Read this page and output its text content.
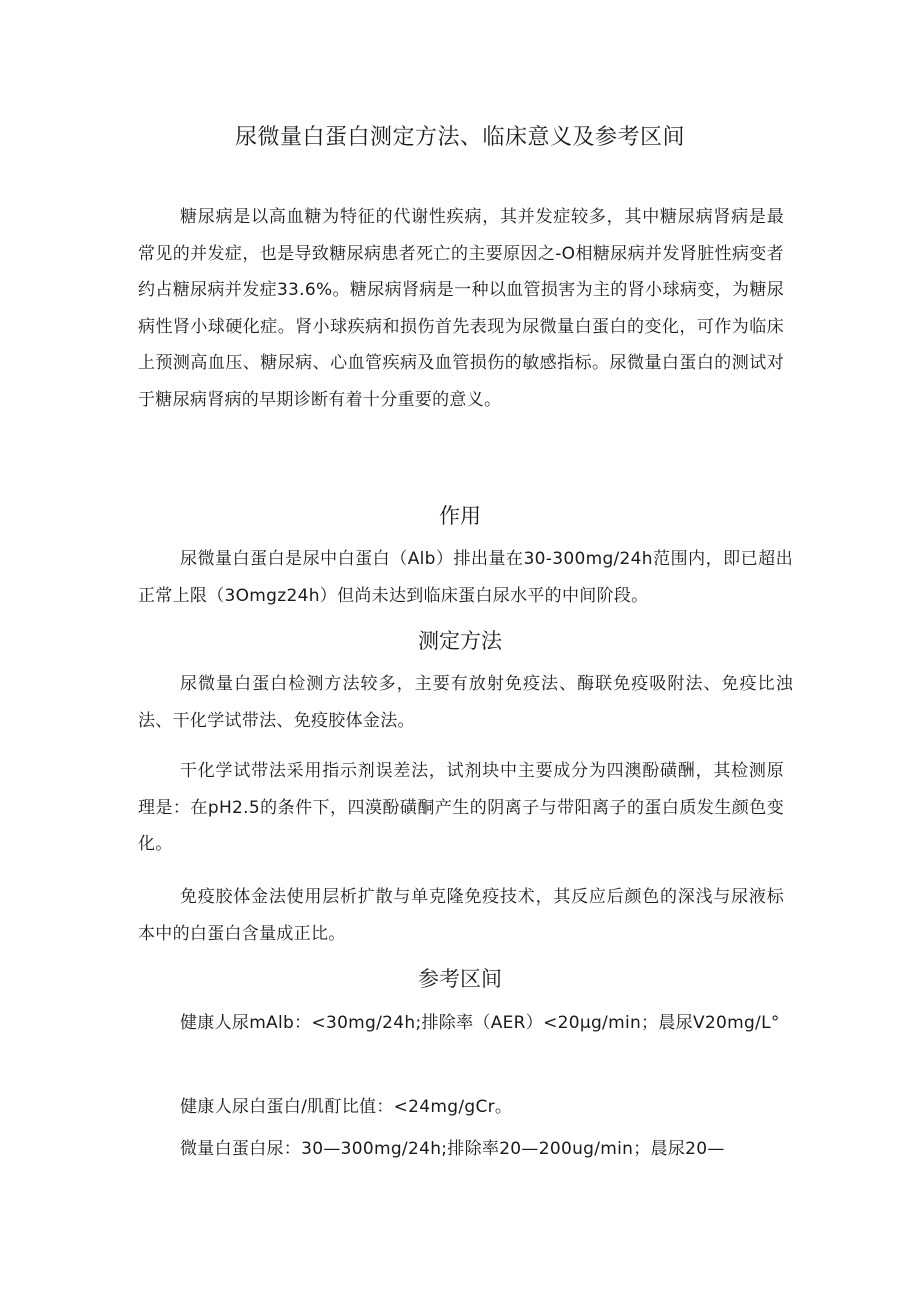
尿微量白蛋白测定方法、临床意义及参考区间

糖尿病是以高血糖为特征的代谢性疾病，其并发症较多，其中糖尿病肾病是最常见的并发症，也是导致糖尿病患者死亡的主要原因之-O相糖尿病并发肾脏性病变者约占糖尿病并发症33.6%。糖尿病肾病是一种以血管损害为主的肾小球病变，为糖尿病性肾小球硬化症。肾小球疾病和损伤首先表现为尿微量白蛋白的变化，可作为临床上预测高血压、糖尿病、心血管疾病及血管损伤的敏感指标。尿微量白蛋白的测试对于糖尿病肾病的早期诊断有着十分重要的意义。

作用

尿微量白蛋白是尿中白蛋白（Alb）排出量在30-300mg∕24h范围内，即已超出正常上限（3Omgz24h）但尚未达到临床蛋白尿水平的中间阶段。

测定方法

尿微量白蛋白检测方法较多，主要有放射免疫法、酶联免疫吸附法、免疫比浊法、干化学试带法、免疫胶体金法。

干化学试带法采用指示剂误差法，试剂块中主要成分为四澳酚磺酬，其检测原理是：在pH2.5的条件下，四漠酚磺酮产生的阴离子与带阳离子的蛋白质发生颜色变化。

免疫胶体金法使用层析扩散与单克隆免疫技术，其反应后颜色的深浅与尿液标本中的白蛋白含量成正比。

参考区间

健康人尿mAlb：<30mg∕24h;排除率（AER）<20μg/min；晨尿V20mg∕L°

健康人尿白蛋白/肌酊比值：<24mg∕gCr。

微量白蛋白尿：30—300mg∕24h;排除率20—200ug/min；晨尿20—
